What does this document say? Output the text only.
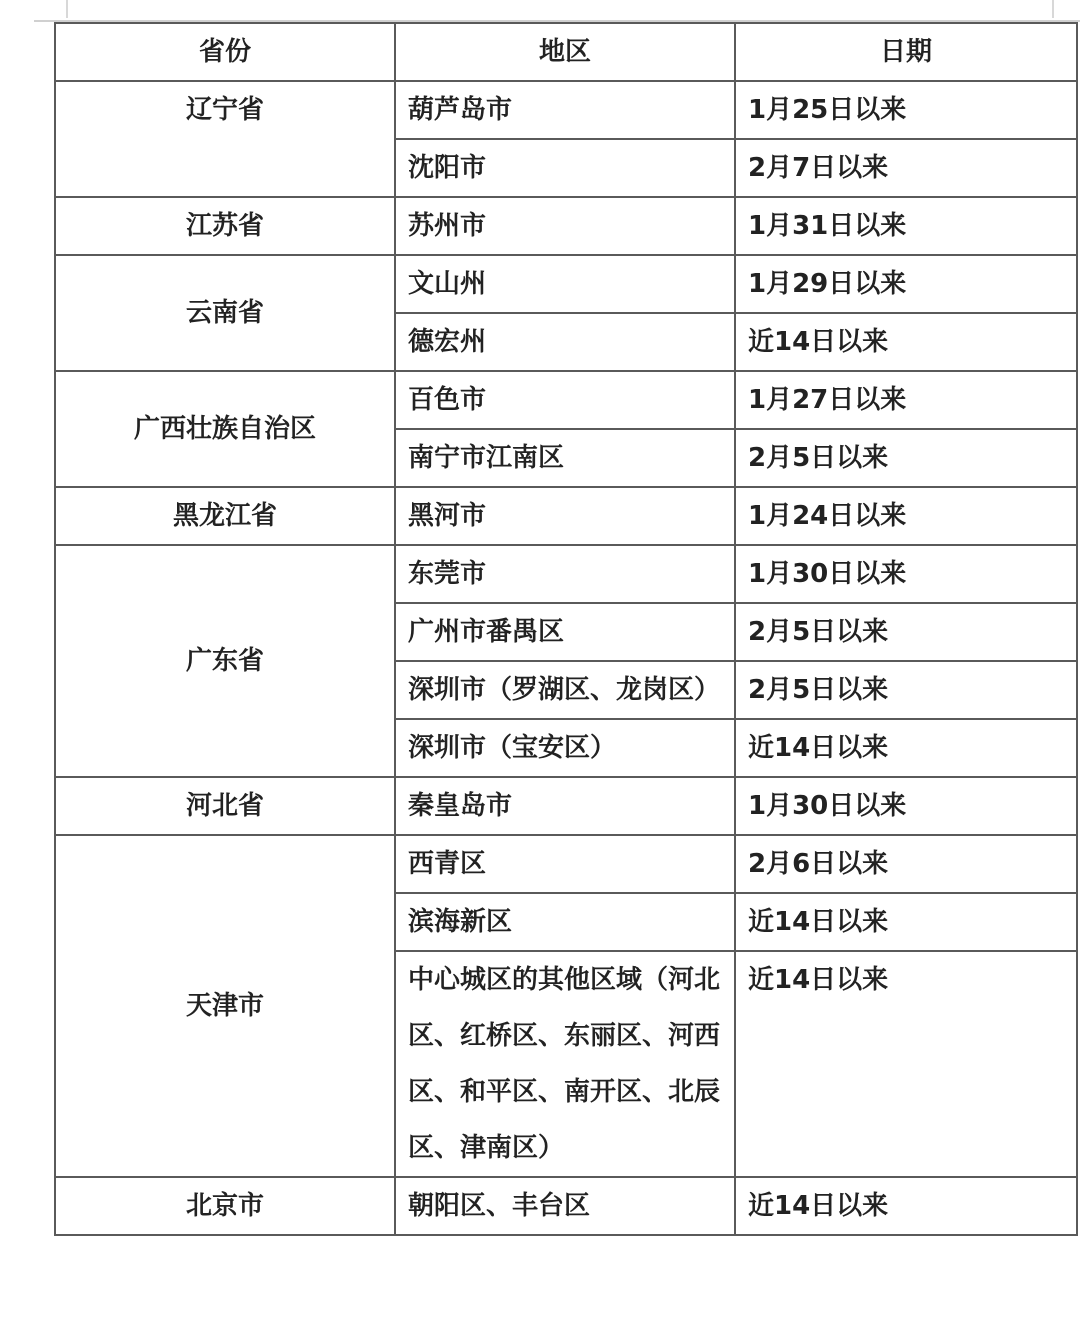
省份	地区	日期
辽宁省	葫芦岛市	1月25日以来
	沈阳市	2月7日以来
江苏省	苏州市	1月31日以来
云南省	文山州	1月29日以来
	德宏州	近14日以来
广西壮族自治区	百色市	1月27日以来
	南宁市江南区	2月5日以来
黑龙江省	黑河市	1月24日以来
广东省	东莞市	1月30日以来
	广州市番禺区	2月5日以来
	深圳市（罗湖区、龙岗区）	2月5日以来
	深圳市（宝安区）	近14日以来
河北省	秦皇岛市	1月30日以来
天津市	西青区	2月6日以来
	滨海新区	近14日以来
	中心城区的其他区域（河北区、红桥区、东丽区、河西区、和平区、南开区、北辰区、津南区）	近14日以来
北京市	朝阳区、丰台区	近14日以来
